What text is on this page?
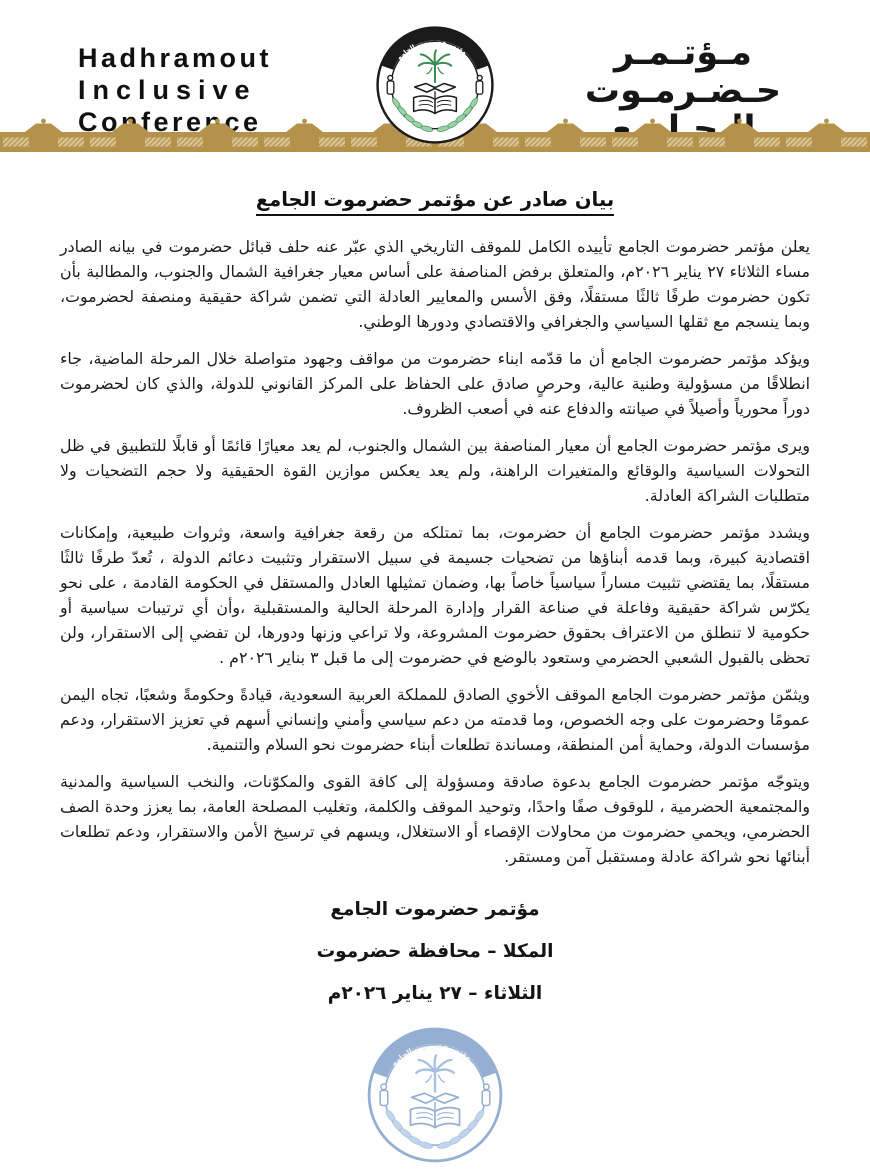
Hadhramout
Inclusive
مـؤتـمـر
حـضـرمـوت
بيان صادر عن مؤتمر حضرموت الجامع

يعلن مؤتمر حضرموت الجامع تأييده الكامل للموقف التاريخي الذي عبّر عنه حلف قبائل حضرموت في بيانه الصادر مساء الثلاثاء ٢٧ يناير ٢٠٢٦م، والمتعلق برفض المناصفة على أساس معيار جغرافية الشمال والجنوب، والمطالبة بأن تكون حضرموت طرفًا ثالثًا مستقلًا، وفق الأسس والمعايير العادلة التي تضمن شراكة حقيقية ومنصفة لحضرموت، وبما ينسجم مع ثقلها السياسي والجغرافي والاقتصادي ودورها الوطني.

ويؤكد مؤتمر حضرموت الجامع أن ما قدّمه ابناء حضرموت من مواقف وجهود متواصلة خلال المرحلة الماضية، جاء انطلاقًا من مسؤولية وطنية عالية، وحرصٍ صادق على الحفاظ على المركز القانوني للدولة، والذي كان لحضرموت دوراً محورياً وأصيلاً في صيانته والدفاع عنه في أصعب الظروف.

ويرى مؤتمر حضرموت الجامع أن معيار المناصفة بين الشمال والجنوب، لم يعد معيارًا قائمًا أو قابلًا للتطبيق في ظل التحولات السياسية والوقائع والمتغيرات الراهنة، ولم يعد يعكس موازين القوة الحقيقية ولا حجم التضحيات ولا متطلبات الشراكة العادلة.

ويشدد مؤتمر حضرموت الجامع أن حضرموت، بما تمتلكه من رقعة جغرافية واسعة، وثروات طبيعية، وإمكانات اقتصادية كبيرة، وبما قدمه أبناؤها من تضحيات جسيمة في سبيل الاستقرار وتثبيت دعائم الدولة ، تُعدّ طرفًا ثالثًا مستقلًا، بما يقتضي تثبيت مساراً سياسياً خاصاً بها، وضمان تمثيلها العادل والمستقل في الحكومة القادمة ، على نحو يكرّس شراكة حقيقية وفاعلة في صناعة القرار وإدارة المرحلة الحالية والمستقبلية ،وأن أي ترتيبات سياسية أو حكومية لا تنطلق من الاعتراف بحقوق حضرموت المشروعة، ولا تراعي وزنها ودورها، لن تفضي إلى الاستقرار، ولن تحظى بالقبول الشعبي الحضرمي وستعود بالوضع في حضرموت إلى ما قبل ٣ بناير ٢٠٢٦م .

ويثمّن مؤتمر حضرموت الجامع الموقف الأخوي الصادق للمملكة العربية السعودية، قيادةً وحكومةً وشعبًا، تجاه اليمن عمومًا وحضرموت على وجه الخصوص، وما قدمته من دعم سياسي وأمني وإنساني أسهم في تعزيز الاستقرار، ودعم مؤسسات الدولة، وحماية أمن المنطقة، ومساندة تطلعات أبناء حضرموت نحو السلام والتنمية.

ويتوجّه مؤتمر حضرموت الجامع بدعوة صادقة ومسؤولة إلى كافة القوى والمكوّنات، والنخب السياسية والمدنية والمجتمعية الحضرمية ، للوقوف صفًا واحدًا، وتوحيد الموقف والكلمة، وتغليب المصلحة العامة، بما يعزز وحدة الصف الحضرمي، ويحمي حضرموت من محاولات الإقصاء أو الاستغلال، ويسهم في ترسيخ الأمن والاستقرار، ودعم تطلعات أبنائها نحو شراكة عادلة ومستقبل آمن ومستقر.

مؤتمر حضرموت الجامع
المكلا – محافظة حضرموت
الثلاثاء – ٢٧ يناير ٢٠٢٦م
